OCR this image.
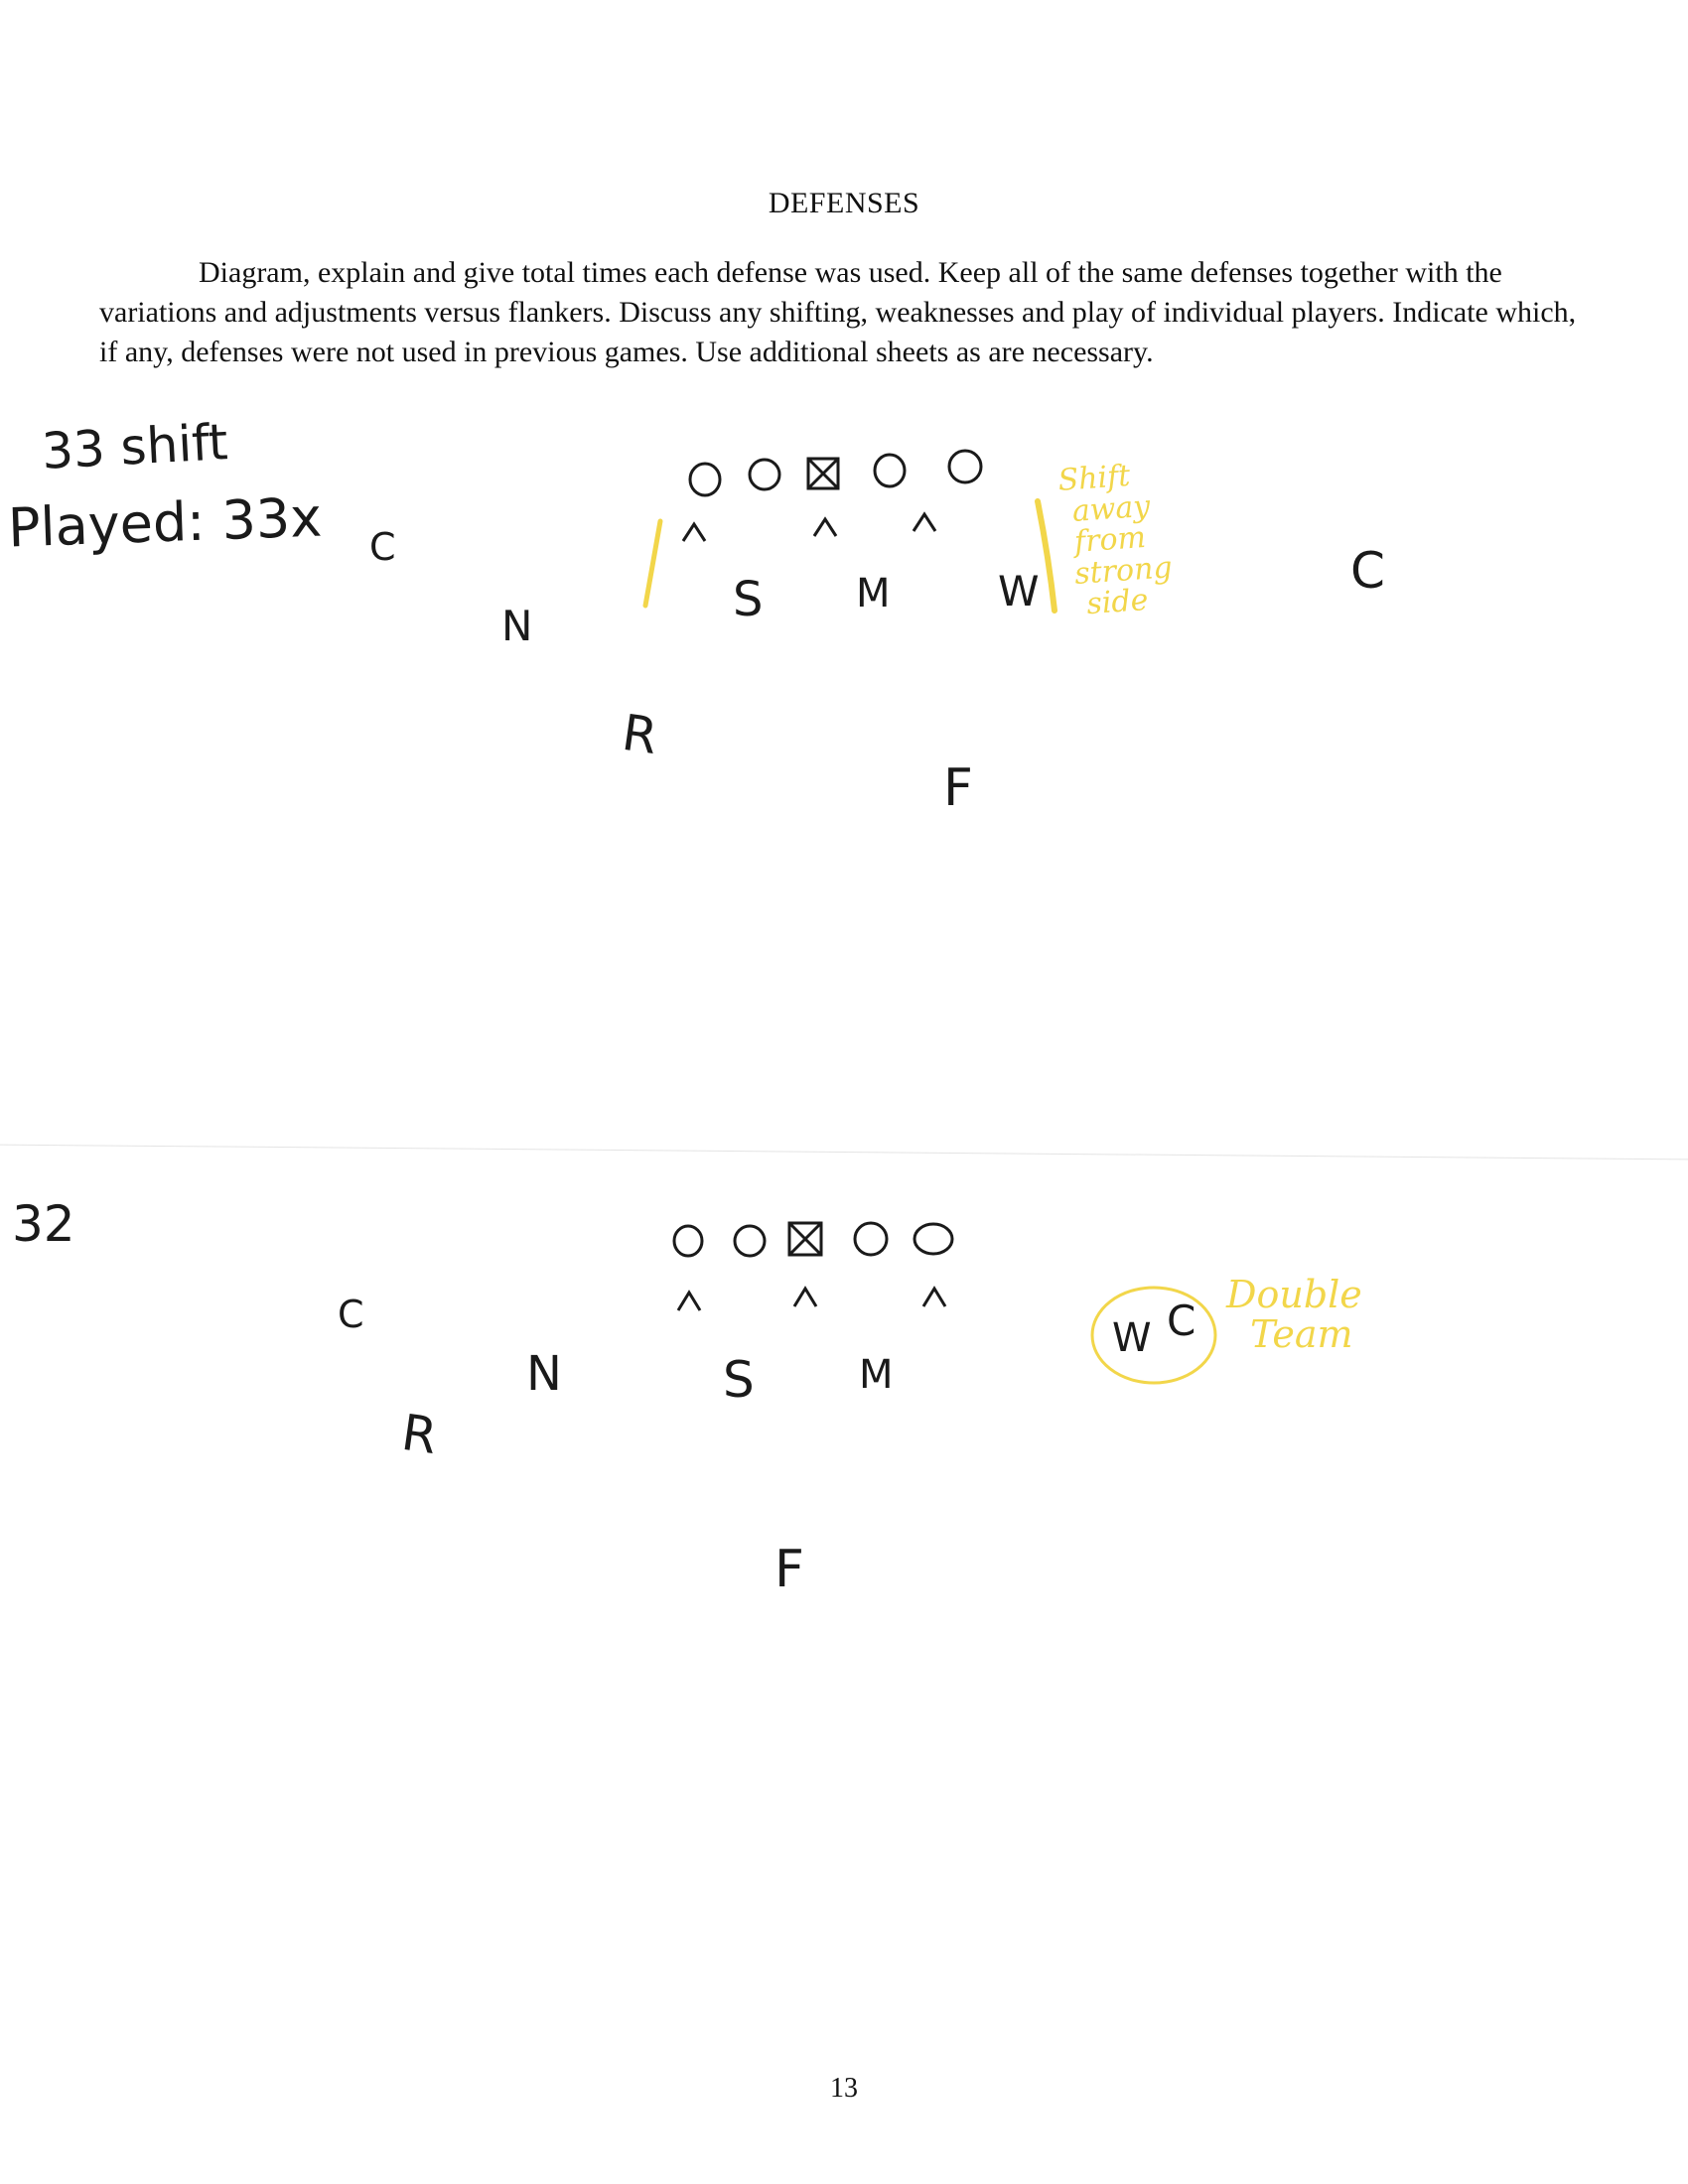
DEFENSES

Diagram, explain and give total times each defense was used. Keep all of the same defenses together with the variations and adjustments versus flankers. Discuss any shifting, weaknesses and play of individual players. Indicate which, if any, defenses were not used in previous games. Use additional sheets as are necessary.

33 shift
Played: 33x C
N
R
S M	W	C
F
Shift
away
from
strong
side
32
C
N
R
S	M
W C
F
Double
Team
13
